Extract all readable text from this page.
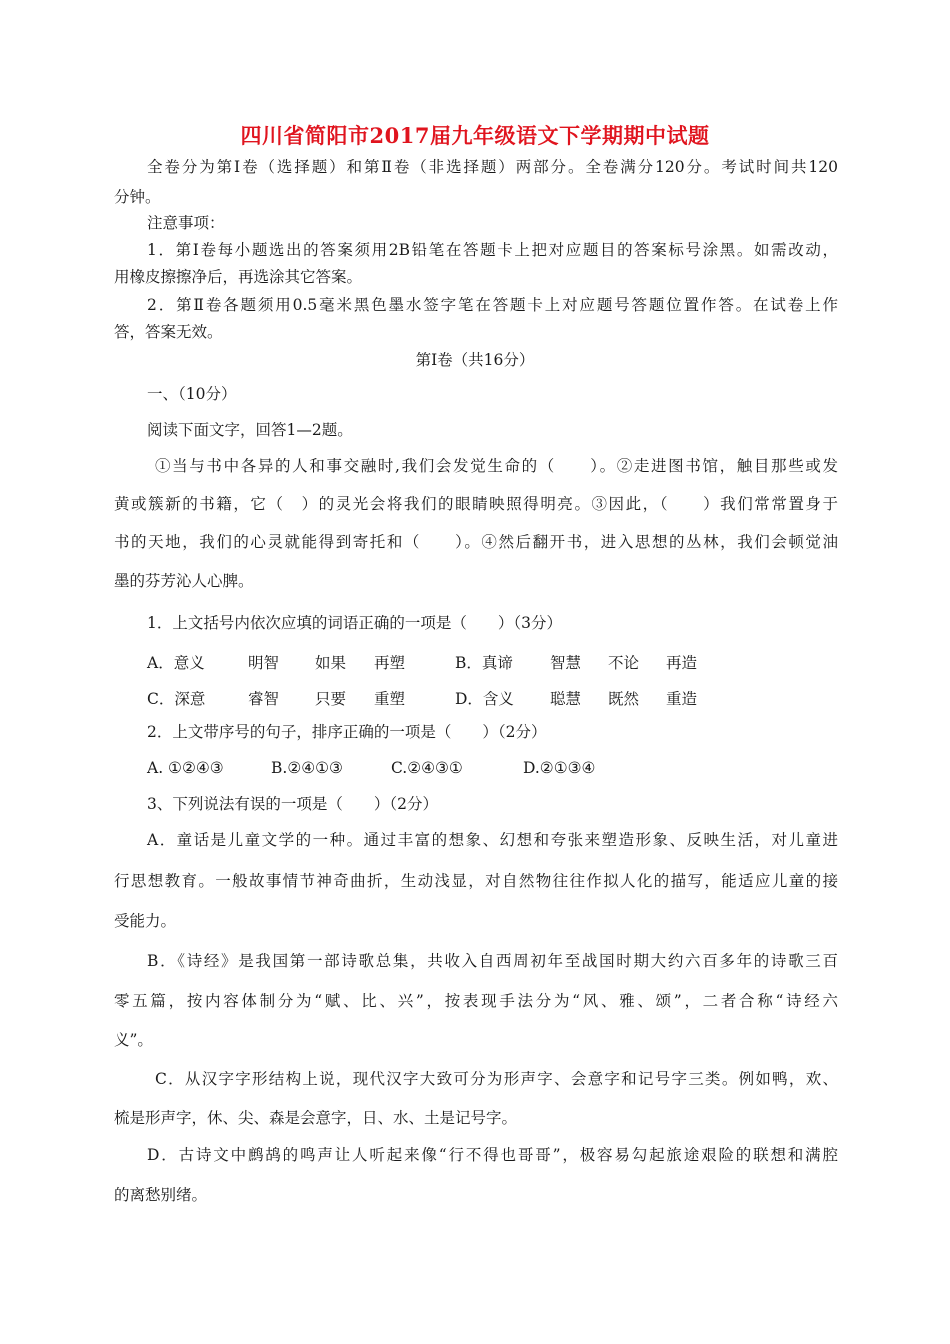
四川省简阳市2017届九年级语文下学期期中试题
全卷分为第Ⅰ卷（选择题）和第Ⅱ卷（非选择题）两部分。全卷满分120分。考试时间共120
分钟。
注意事项：
1．第Ⅰ卷每小题选出的答案须用2B铅笔在答题卡上把对应题目的答案标号涂黑。如需改动，
用橡皮擦擦净后，再选涂其它答案。
2．第Ⅱ卷各题须用0.5毫米黑色墨水签字笔在答题卡上对应题号答题位置作答。在试卷上作
答，答案无效。
第Ⅰ卷（共16分）
一、（10分）
阅读下面文字，回答1—2题。
①当与书中各异的人和事交融时,我们会发觉生命的（　　）。②走进图书馆，触目那些或发
黄或簇新的书籍，它（　）的灵光会将我们的眼睛映照得明亮。③因此，（　　）我们常常置身于
书的天地，我们的心灵就能得到寄托和（　　）。④然后翻开书，进入思想的丛林，我们会顿觉油
墨的芬芳沁人心脾。
1．上文括号内依次应填的词语正确的一项是（　　）（3分）
A．意义	明智 如果 再塑	B．真谛 智慧 不论 再造
C．深意	睿智 只要 重塑	D．含义 聪慧 既然 重造
2．上文带序号的句子，排序正确的一项是（　　）（2分）
A. ①②④③	B.②④①③	C.②④③①	D.②①③④
3、下列说法有误的一项是（　　）（2分）
A．童话是儿童文学的一种。通过丰富的想象、幻想和夸张来塑造形象、反映生活，对儿童进
行思想教育。一般故事情节神奇曲折，生动浅显，对自然物往往作拟人化的描写，能适应儿童的接
受能力。
B．《诗经》是我国第一部诗歌总集，共收入自西周初年至战国时期大约六百多年的诗歌三百
零五篇，按内容体制分为“赋、比、兴”，按表现手法分为“风、雅、颂”，二者合称“诗经六
义”。
C．从汉字字形结构上说，现代汉字大致可分为形声字、会意字和记号字三类。例如鸭，欢、
梳是形声字，休、尖、森是会意字，日、水、土是记号字。
D．古诗文中鹧鸪的鸣声让人听起来像“行不得也哥哥”，极容易勾起旅途艰险的联想和满腔
的离愁别绪。
